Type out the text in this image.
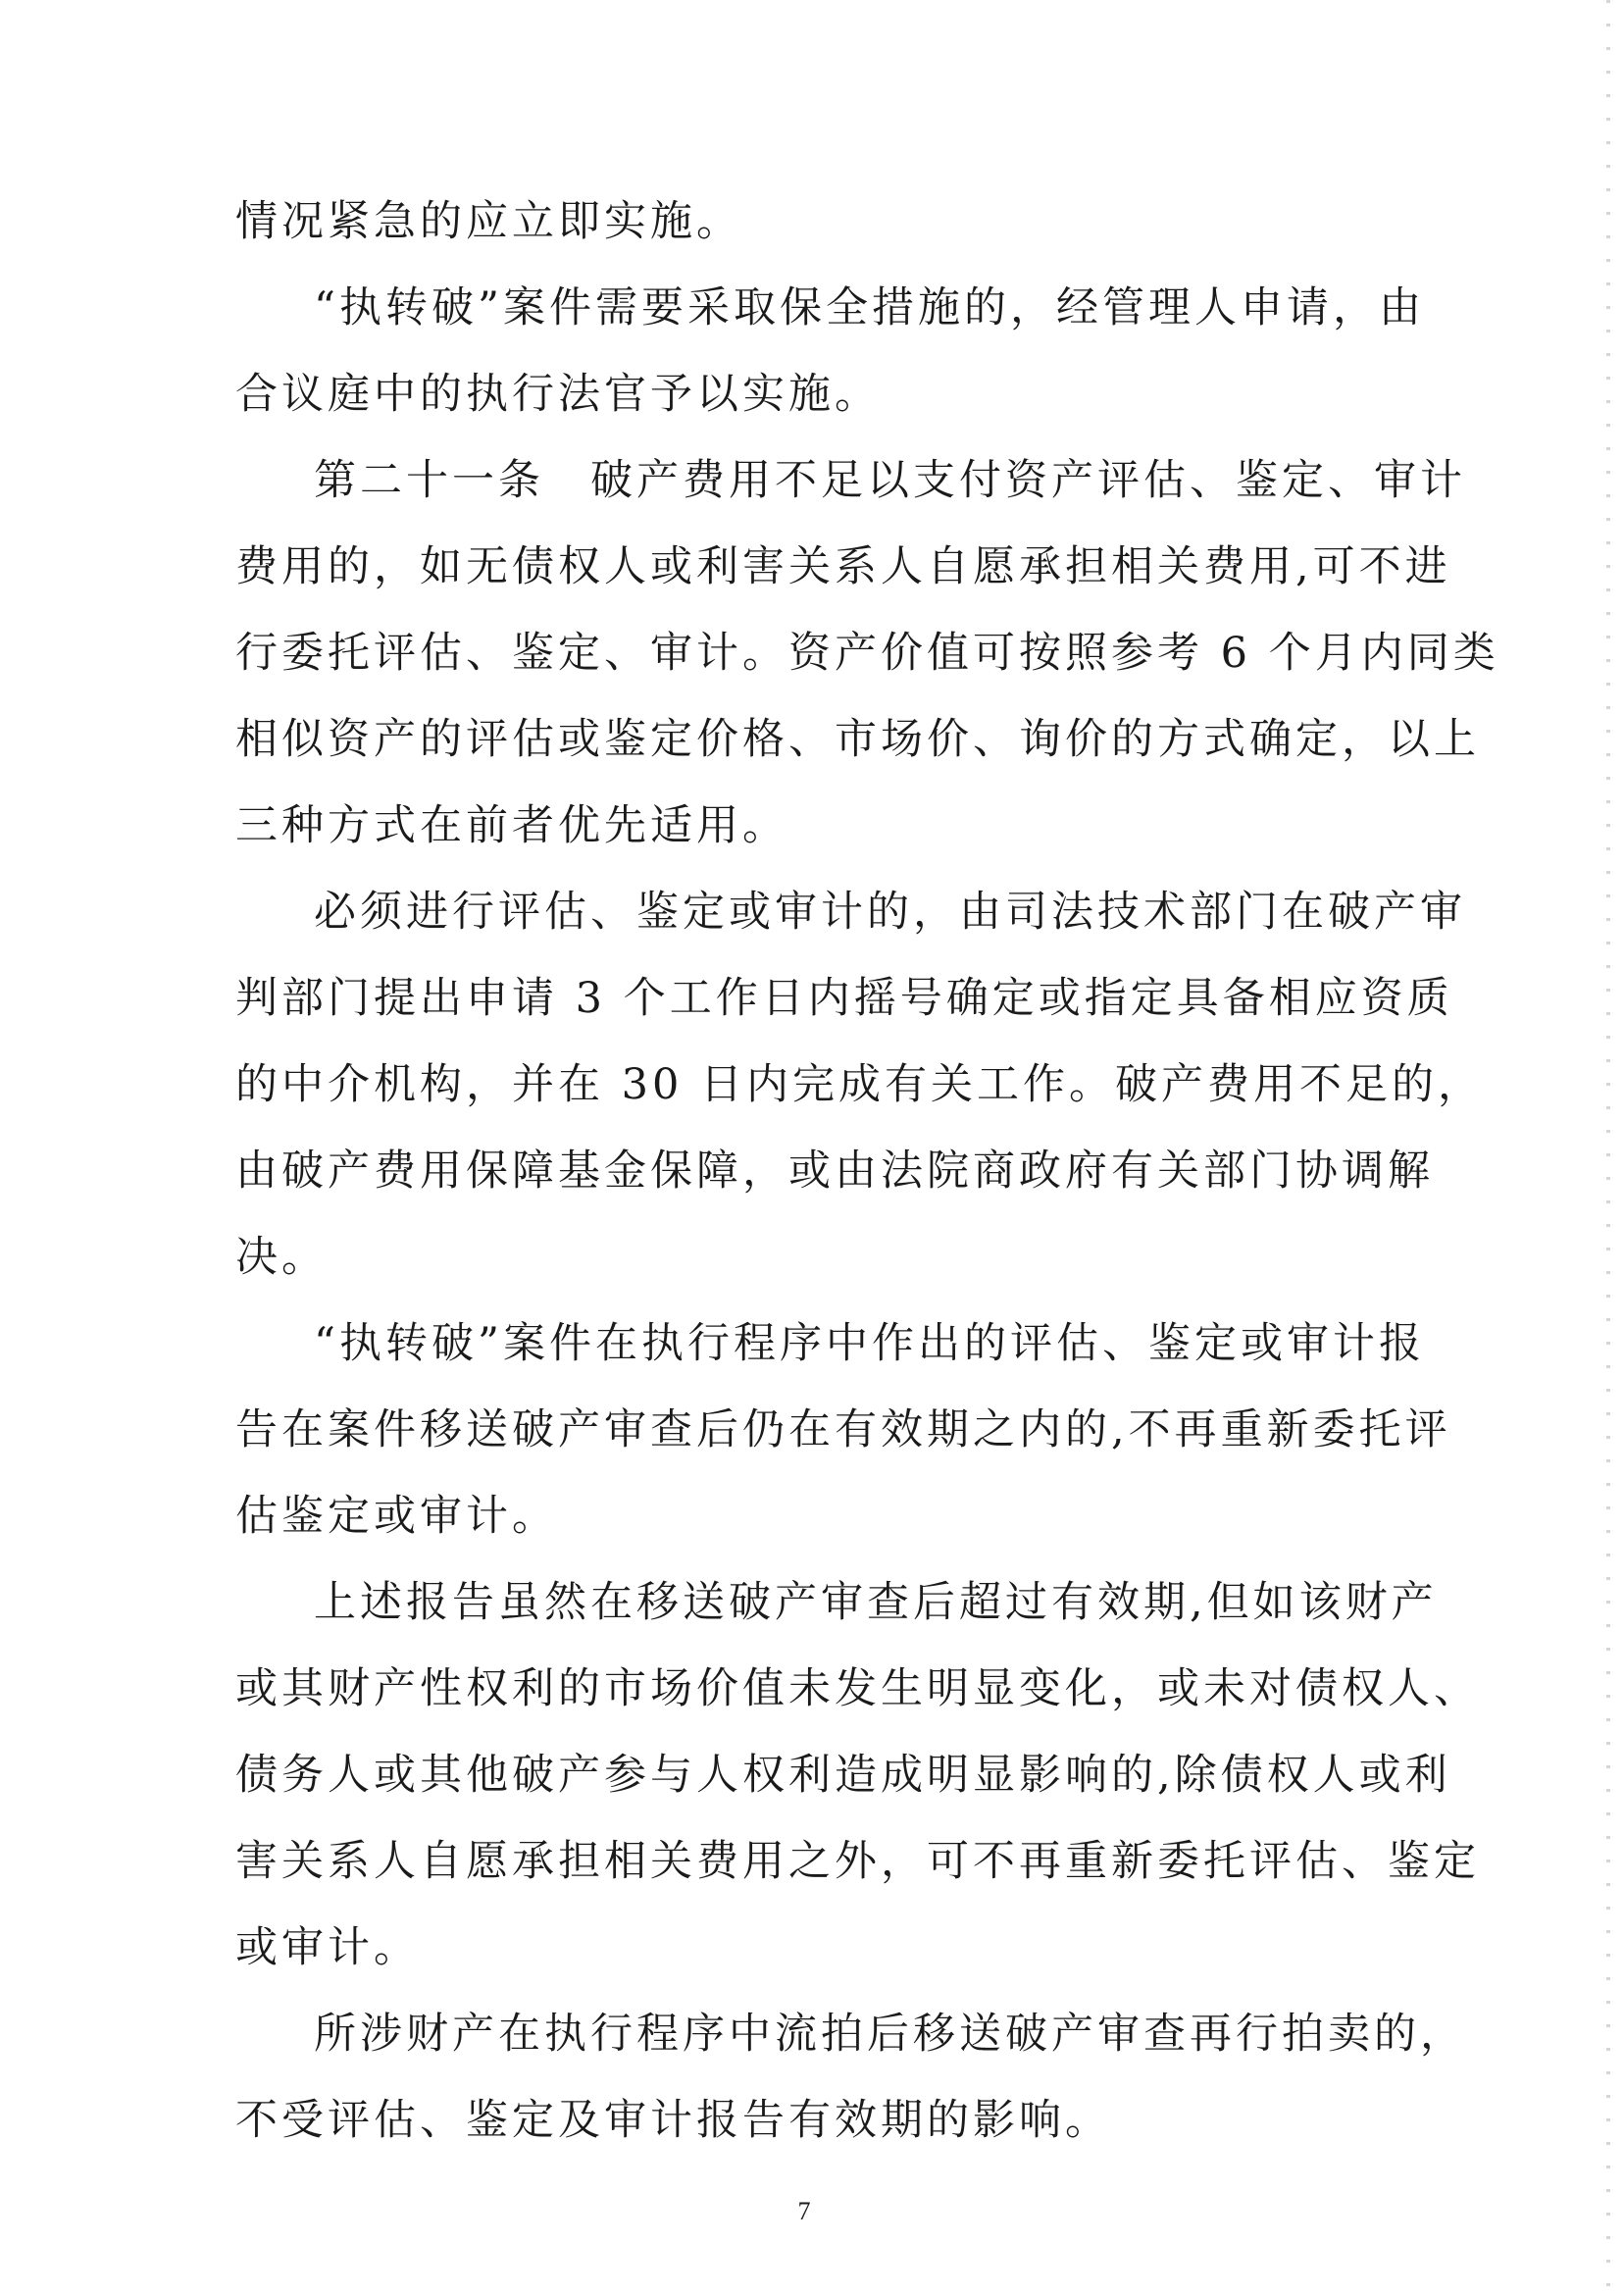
情况紧急的应立即实施。
“执转破”案件需要采取保全措施的，经管理人申请，由
合议庭中的执行法官予以实施。
第二十一条　破产费用不足以支付资产评估、鉴定、审计
费用的，如无债权人或利害关系人自愿承担相关费用,可不进
行委托评估、鉴定、审计。资产价值可按照参考 6 个月内同类
相似资产的评估或鉴定价格、市场价、询价的方式确定，以上
三种方式在前者优先适用。
必须进行评估、鉴定或审计的，由司法技术部门在破产审
判部门提出申请 3 个工作日内摇号确定或指定具备相应资质
的中介机构，并在 30 日内完成有关工作。破产费用不足的，
由破产费用保障基金保障，或由法院商政府有关部门协调解
决。
“执转破”案件在执行程序中作出的评估、鉴定或审计报
告在案件移送破产审查后仍在有效期之内的,不再重新委托评
估鉴定或审计。
上述报告虽然在移送破产审查后超过有效期,但如该财产
或其财产性权利的市场价值未发生明显变化，或未对债权人、
债务人或其他破产参与人权利造成明显影响的,除债权人或利
害关系人自愿承担相关费用之外，可不再重新委托评估、鉴定
或审计。
所涉财产在执行程序中流拍后移送破产审查再行拍卖的，
7
不受评估、鉴定及审计报告有效期的影响。
